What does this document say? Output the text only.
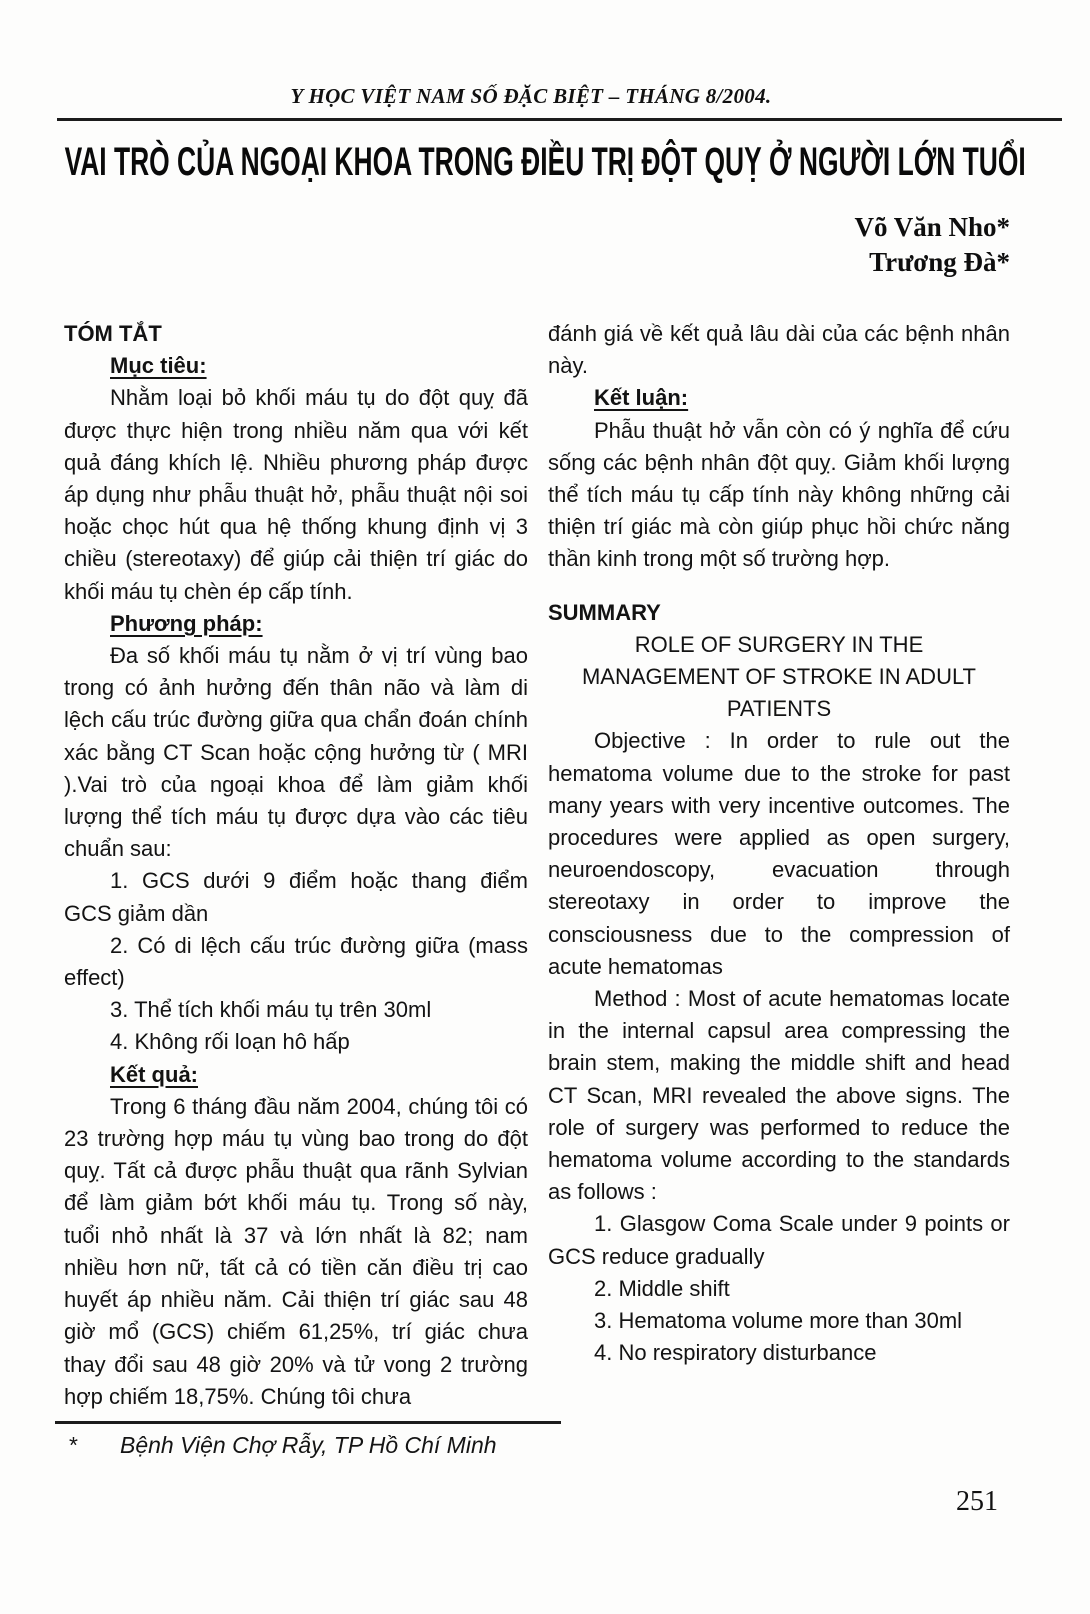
Y HỌC VIỆT NAM SỐ ĐẶC BIỆT – THÁNG 8/2004.
VAI TRÒ CỦA NGOẠI KHOA TRONG ĐIỀU TRỊ ĐỘT QUỴ Ở NGƯỜI LỚN TUỔI
Võ Văn Nho*
Trương Đà*

TÓM TẮT

Mục tiêu:

Nhằm loại bỏ khối máu tụ do đột quỵ đã được thực hiện trong nhiều năm qua với kết quả đáng khích lệ. Nhiều phương pháp được áp dụng như phẫu thuật hở, phẫu thuật nội soi hoặc chọc hút qua hệ thống khung định vị 3 chiều (stereotaxy) để giúp cải thiện trí giác do khối máu tụ chèn ép cấp tính.

Phương pháp:

Đa số khối máu tụ nằm ở vị trí vùng bao trong có ảnh hưởng đến thân não và làm di lệch cấu trúc đường giữa qua chẩn đoán chính xác bằng CT Scan hoặc cộng hưởng từ ( MRI ).Vai trò của ngoại khoa để làm giảm khối lượng thể tích máu tụ được dựa vào các tiêu chuẩn sau:

1. GCS dưới 9 điểm hoặc thang điểm GCS giảm dần

2. Có di lệch cấu trúc đường giữa (mass effect)

3. Thể tích khối máu tụ trên 30ml

4. Không rối loạn hô hấp

Kết quả:

Trong 6 tháng đầu năm 2004, chúng tôi có 23 trường hợp máu tụ vùng bao trong do đột quỵ. Tất cả được phẫu thuật qua rãnh Sylvian để làm giảm bớt khối máu tụ. Trong số này, tuổi nhỏ nhất là 37 và lớn nhất là 82; nam nhiều hơn nữ, tất cả có tiền căn điều trị cao huyết áp nhiều năm. Cải thiện trí giác sau 48 giờ mổ (GCS) chiếm 61,25%, trí giác chưa thay đổi sau 48 giờ 20% và tử vong 2 trường hợp chiếm 18,75%. Chúng tôi chưa

đánh giá về kết quả lâu dài của các bệnh nhân này.

Kết luận:

Phẫu thuật hở vẫn còn có ý nghĩa để cứu sống các bệnh nhân đột quỵ. Giảm khối lượng thể tích máu tụ cấp tính này không những cải thiện trí giác mà còn giúp phục hồi chức năng thần kinh trong một số trường hợp.

SUMMARY

ROLE OF SURGERY IN THE

MANAGEMENT OF STROKE IN ADULT

PATIENTS

Objective : In order to rule out the hematoma volume due to the stroke for past many years with very incentive outcomes. The procedures were applied as open surgery, neuroendoscopy, evacuation through stereotaxy in order to improve the consciousness due to the compression of acute hematomas

Method : Most of acute hematomas locate in the internal capsul area compressing the brain stem, making the middle shift and head CT Scan, MRI revealed the above signs. The role of surgery was performed to reduce the hematoma volume according to the standards as follows :

1. Glasgow Coma Scale under 9 points or GCS reduce gradually

2. Middle shift

3. Hematoma volume more than 30ml

4. No respiratory disturbance

* Bệnh Viện Chợ Rẫy, TP Hồ Chí Minh
251
